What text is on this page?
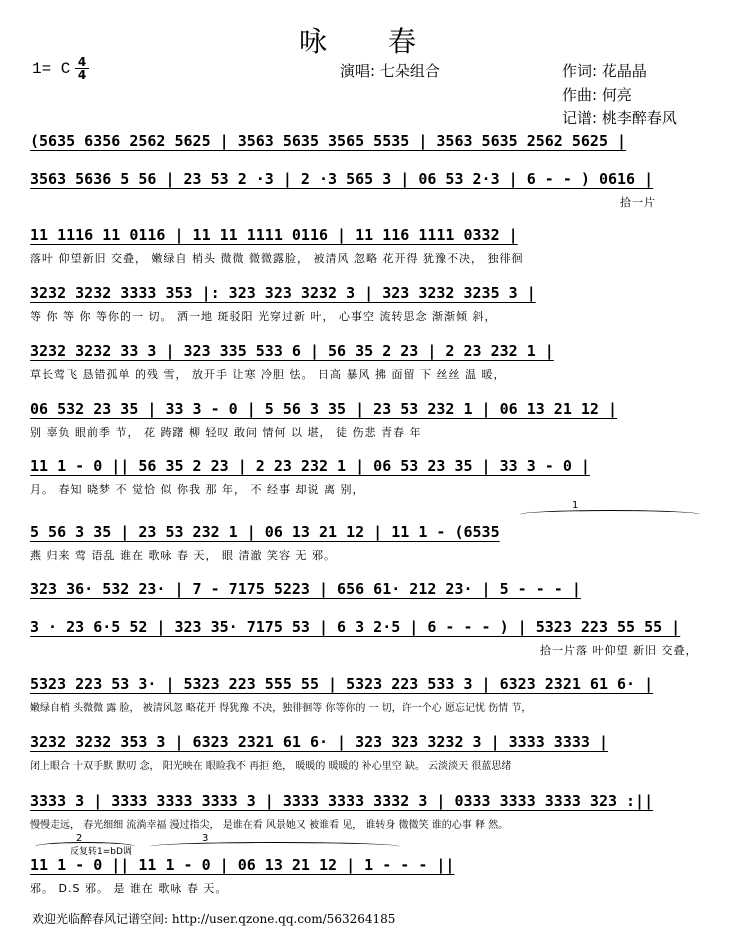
咏 春
1= C 4
4	演唱: 七朵组合	作词: 花晶晶
作曲: 何亮
记谱: 桃李醉春风
(5635 6356 2562 5625 | 3563 5635 3565 5535 | 3563 5635 2562 5625 |
3563 5636 5 56 | 23 53 2 ·3 | 2 ·3 565 3 | 06 53 2·3 | 6 - - ) 0616 |
拾一片
11 1116 11 0116 | 11 11 1111 0116 | 11 116 1111 0332 |
落叶 仰望新旧 交叠， 嫩绿自 梢头 微微 微微露脸， 被清风 忽略 花开得 犹豫不决， 独徘徊
3232 3232 3333 353 |: 323 323 3232 3 | 323 3232 3235 3 |
等 你 等 你 等你的一 切。 洒一地 斑驳阳 光穿过新 叶， 心事空 流转思念 渐渐倾 斜，
3232 3232 33 3 | 323 335 533 6 | 56 35 2 23 | 2 23 232 1 |
草长莺飞 恳错孤单 的残 雪， 放开手 让寒 冷胆 怯。 日高 暴风 拂 面留 下 丝丝 温 暖，
06 532 23 35 | 33 3 - 0 | 5 56 3 35 | 23 53 232 1 | 06 13 21 12 |
别 辜负 眼前季 节， 花 踌躇 柳 轻叹 敢问 情何 以 堪， 徒 伤悲 青春 年
11 1 - 0 || 56 35 2 23 | 2 23 232 1 | 06 53 23 35 | 33 3 - 0 |
月。 春知 晓梦 不 觉恰 似 你我 那 年， 不 经事 却说 离 别，
5 56 3 35 | 23 53 232 1 | 06 13 21 12 | 11 1 - (6535
燕 归来 莺 语乱 谁在 歌咏 春 天， 眼 清澈 笑容 无 邪。
1
323 36· 532 23· | 7 - 7175 5223 | 656 61· 212 23· | 5 - - - |
3 · 23 6·5 52 | 323 35· 7175 53 | 6 3 2·5 | 6 - - - ) | 5323 223 55 55 |
拾一片落 叶仰望 新旧 交叠，
5323 223 53 3· | 5323 223 555 55 | 5323 223 533 3 | 6323 2321 61 6· |
嫩绿自梢 头微微 露 脸， 被清风忽 略花开 得犹豫 不决，独徘徊等 你等你的 一 切，许一个心 愿忘记忧 伤情 节，
3232 3232 353 3 | 6323 2321 61 6· | 323 323 3232 3 | 3333 3333 |
闭上眼合 十双手默 默叨 念， 阳光映在 眼睑我不 再拒 绝， 暖暖的 暖暖的 补心里空 缺。 云淡淡天 很蓝思绪
3333 3 | 3333 3333 3333 3 | 3333 3333 3332 3 | 0333 3333 3333 323 :||
慢慢走远， 春光细细 流淌幸福 漫过指尖， 是谁在看 风景她又 被谁看 见， 谁转身 微微笑 谁的心事 释 然。
2
反复转1=bD调
3
11 1 - 0 || 11 1 - 0 | 06 13 21 12 | 1 - - - ||
邪。 D.S 邪。 是 谁在 歌咏 春 天。
欢迎光临醉春风记谱空间: http://user.qzone.qq.com/563264185
